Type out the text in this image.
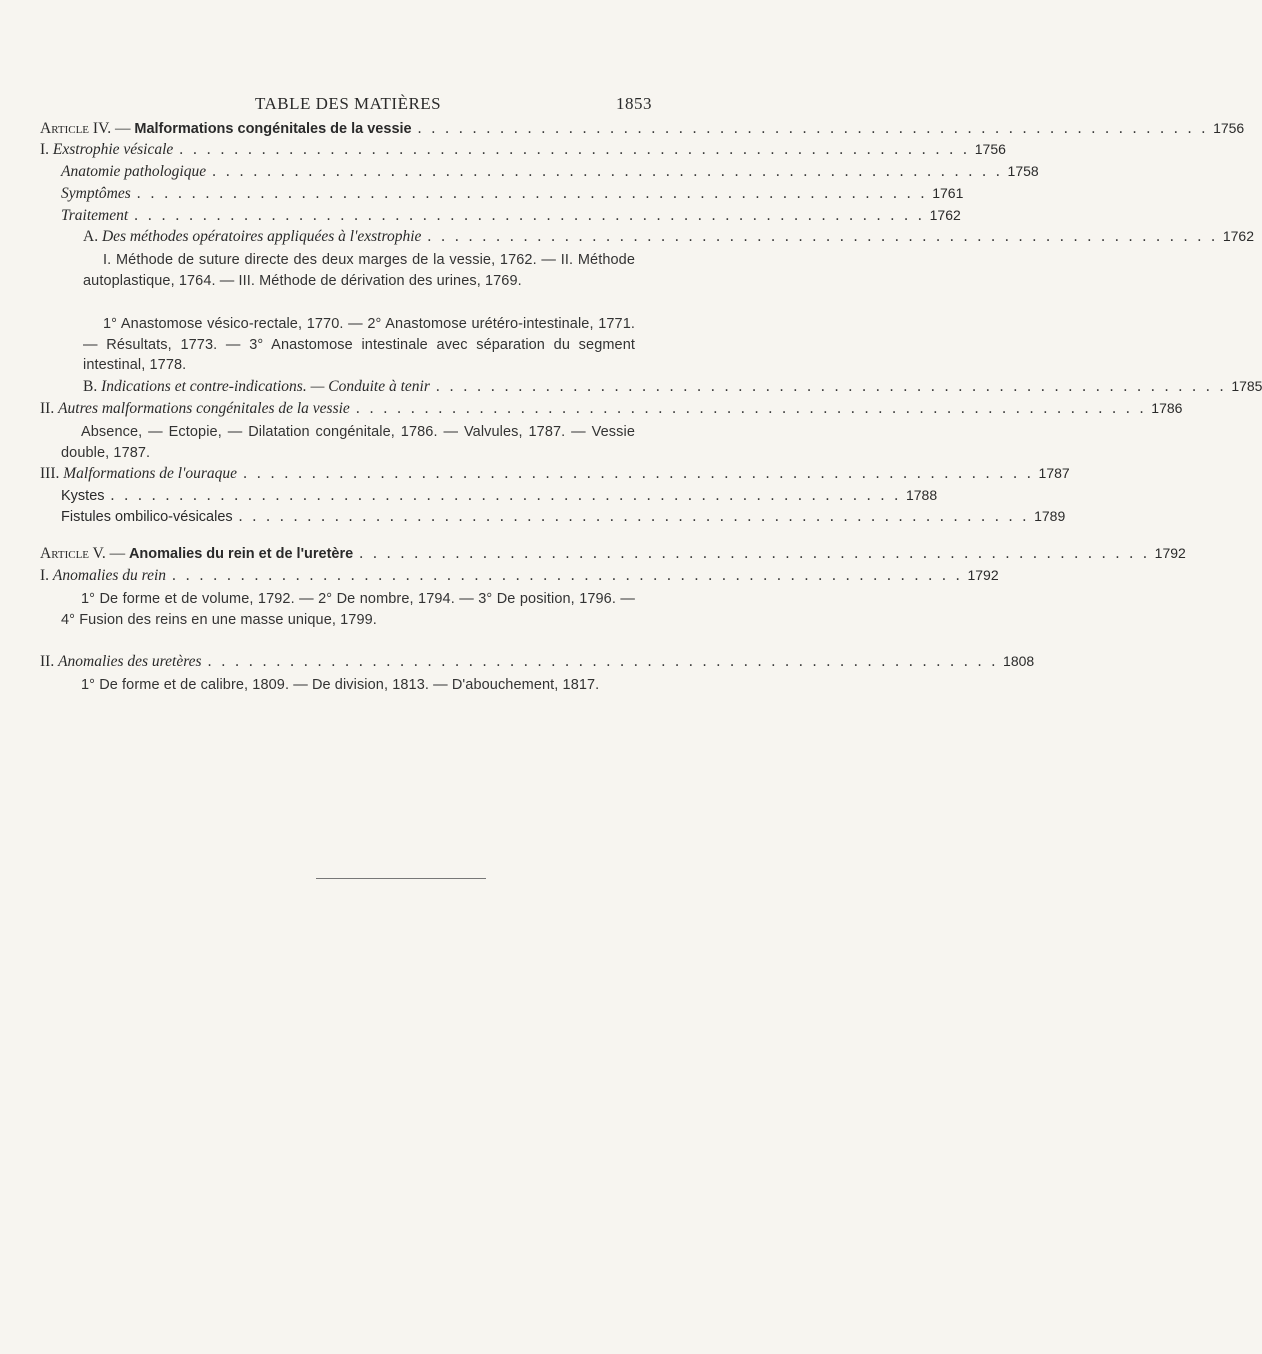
TABLE DES MATIÈRES	1853
Article IV. — Malformations congénitales de la vessie . . . . . . . . . . . . . . . . . . . . . . . . . . . . . . . . . . . . . . . . . . . . . . . . . . . . . . . . . . 1756
I. Exstrophie vésicale . . . . . . . . . . . . . . . . . . . . . . . . . . . . . . . . . . . . . . . . . . . . . . . . . . . . . . . . . . 1756
Anatomie pathologique . . . . . . . . . . . . . . . . . . . . . . . . . . . . . . . . . . . . . . . . . . . . . . . . . . . . . . . . . . 1758
Symptômes . . . . . . . . . . . . . . . . . . . . . . . . . . . . . . . . . . . . . . . . . . . . . . . . . . . . . . . . . . 1761
Traitement . . . . . . . . . . . . . . . . . . . . . . . . . . . . . . . . . . . . . . . . . . . . . . . . . . . . . . . . . . 1762
A. Des méthodes opératoires appliquées à l'exstrophie . . . . . . . . . . . . . . . . . . . . . . . . . . . . . . . . . . . . . . . . . . . . . . . . . . . . . . . . . . 1762
I. Méthode de suture directe des deux marges de la vessie, 1762. — II. Méthode autoplastique, 1764. — III. Méthode de dérivation des urines, 1769.
1° Anastomose vésico-rectale, 1770. — 2° Anastomose urétéro-intestinale, 1771. — Résultats, 1773. — 3° Anastomose intestinale avec séparation du segment intestinal, 1778.
B. Indications et contre-indications. — Conduite à tenir . . . . . . . . . . . . . . . . . . . . . . . . . . . . . . . . . . . . . . . . . . . . . . . . . . . . . . . . . . 1785
II. Autres malformations congénitales de la vessie . . . . . . . . . . . . . . . . . . . . . . . . . . . . . . . . . . . . . . . . . . . . . . . . . . . . . . . . . . 1786
Absence, — Ectopie, — Dilatation congénitale, 1786. — Valvules, 1787. — Vessie double, 1787.
III. Malformations de l'ouraque . . . . . . . . . . . . . . . . . . . . . . . . . . . . . . . . . . . . . . . . . . . . . . . . . . . . . . . . . . 1787
Kystes . . . . . . . . . . . . . . . . . . . . . . . . . . . . . . . . . . . . . . . . . . . . . . . . . . . . . . . . . . 1788
Fistules ombilico-vésicales . . . . . . . . . . . . . . . . . . . . . . . . . . . . . . . . . . . . . . . . . . . . . . . . . . . . . . . . . . 1789
Article V. — Anomalies du rein et de l'uretère . . . . . . . . . . . . . . . . . . . . . . . . . . . . . . . . . . . . . . . . . . . . . . . . . . . . . . . . . . 1792
I. Anomalies du rein . . . . . . . . . . . . . . . . . . . . . . . . . . . . . . . . . . . . . . . . . . . . . . . . . . . . . . . . . . 1792
1° De forme et de volume, 1792. — 2° De nombre, 1794. — 3° De position, 1796. — 4° Fusion des reins en une masse unique, 1799.
II. Anomalies des uretères . . . . . . . . . . . . . . . . . . . . . . . . . . . . . . . . . . . . . . . . . . . . . . . . . . . . . . . . . . 1808
1° De forme et de calibre, 1809. — De division, 1813. — D'abouchement, 1817.
